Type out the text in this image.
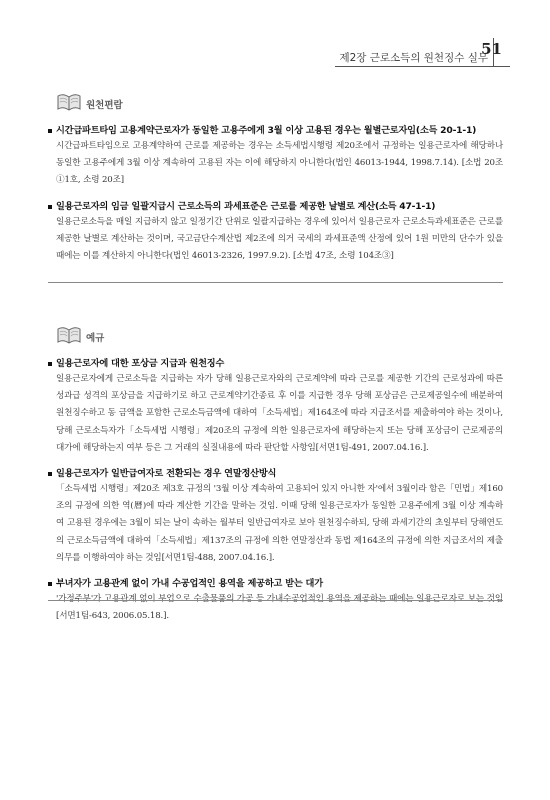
51
제2장 근로소득의 원천징수 실무
원천편람
시간급파트타임 고용계약근로자가 동일한 고용주에게 3월 이상 고용된 경우는 월별근로자임(소득 20-1-1)
시간급파트타임으로 고용계약하여 근로를 제공하는 경우는 소득세법시행령 제20조에서 규정하는 일용근로자에 해당하나 동일한 고용주에게 3월 이상 계속하여 고용된 자는 이에 해당하지 아니한다(법인 46013-1944, 1998.7.14). [소법 20조①1호, 소령 20조]
일용근로자의 임금 일괄지급시 근로소득의 과세표준은 근로를 제공한 날별로 계산(소득 47-1-1)
일용근로소득을 매일 지급하지 않고 일정기간 단위로 일괄지급하는 경우에 있어서 일용근로자 근로소득과세표준은 근로를 제공한 날별로 계산하는 것이며, 국고금단수계산법 제2조에 의거 국세의 과세표준액 산정에 있어 1원 미만의 단수가 있을 때에는 이를 계산하지 아니한다(법인 46013-2326, 1997.9.2). [소법 47조, 소령 104조③]
예규
일용근로자에 대한 포상금 지급과 원천징수
일용근로자에게 근로소득을 지급하는 자가 당해 일용근로자와의 근로계약에 따라 근로를 제공한 기간의 근로성과에 따른 성과급 성격의 포상금을 지급하기로 하고 근로계약기간종료 후 이를 지급한 경우 당해 포상금은 근로제공일수에 배분하여 원천징수하고 동 금액을 포함한 근로소득금액에 대하여「소득세법」제164조에 따라 지급조서를 제출하여야 하는 것이나, 당해 근로소득자가「소득세법 시행령」제20조의 규정에 의한 일용근로자에 해당하는지 또는 당해 포상금이 근로제공의 대가에 해당하는지 여부 등은 그 거래의 실질내용에 따라 판단할 사항임[서면1팀-491, 2007.04.16.].
일용근로자가 일반급여자로 전환되는 경우 연말정산방식
「소득세법 시행령」제20조 제3호 규정의 '3월 이상 계속하여 고용되어 있지 아니한 자'에서 3월이라 함은「민법」제160조의 규정에 의한 역(曆)에 따라 계산한 기간을 말하는 것임. 이때 당해 일용근로자가 동일한 고용주에게 3월 이상 계속하여 고용된 경우에는 3월이 되는 날이 속하는 월부터 일반급여자로 보아 원천징수하되, 당해 과세기간의 초일부터 당해연도의 근로소득금액에 대하여「소득세법」제137조의 규정에 의한 연말정산과 동법 제164조의 규정에 의한 지급조서의 제출의무를 이행하여야 하는 것임[서면1팀-488, 2007.04.16.].
부녀자가 고용관계 없이 가내 수공업적인 용역을 제공하고 받는 대가
'가정주부'가 고용관계 없이 부업으로 수출물품의 가공 등 가내수공업적인 용역을 제공하는 때에는 일용근로자로 보는 것임[서면1팀-643, 2006.05.18.].
